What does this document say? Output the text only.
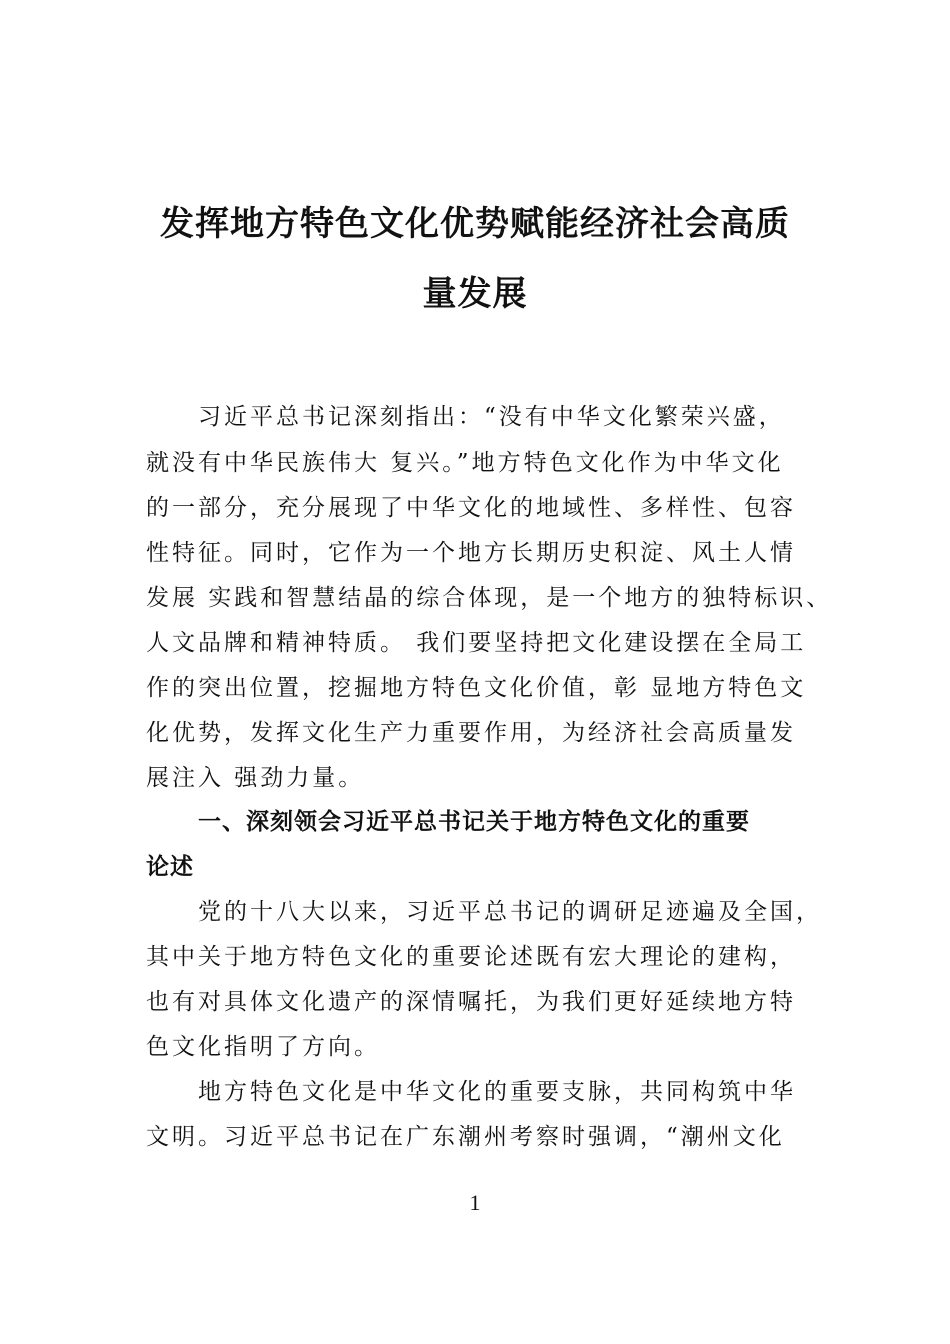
发挥地方特色文化优势赋能经济社会高质
量发展
习近平总书记深刻指出：“没有中华文化繁荣兴盛，
就没有中华民族伟大 复兴。”地方特色文化作为中华文化
的一部分，充分展现了中华文化的地域性、多样性、包容
性特征。同时，它作为一个地方长期历史积淀、风土人情
发展 实践和智慧结晶的综合体现，是一个地方的独特标识、
人文品牌和精神特质。 我们要坚持把文化建设摆在全局工
作的突出位置，挖掘地方特色文化价值，彰 显地方特色文
化优势，发挥文化生产力重要作用，为经济社会高质量发
展注入 强劲力量。
一、深刻领会习近平总书记关于地方特色文化的重要
论述
党的十八大以来，习近平总书记的调研足迹遍及全国，
其中关于地方特色文化的重要论述既有宏大理论的建构，
也有对具体文化遗产的深情嘱托，为我们更好延续地方特
色文化指明了方向。
地方特色文化是中华文化的重要支脉，共同构筑中华
文明。习近平总书记在广东潮州考察时强调，“潮州文化
1
